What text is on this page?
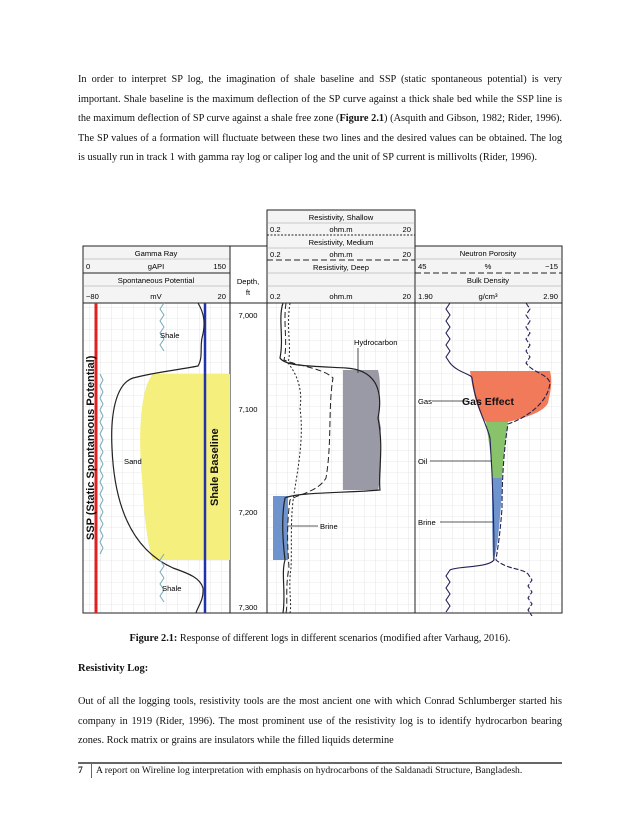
In order to interpret SP log, the imagination of shale baseline and SSP (static spontaneous potential) is very important. Shale baseline is the maximum deflection of the SP curve against a thick shale bed while the SSP line is the maximum deflection of SP curve against a shale free zone (Figure 2.1) (Asquith and Gibson, 1982; Rider, 1996). The SP values of a formation will fluctuate between these two lines and the desired values can be obtained. The log is usually run in track 1 with gamma ray log or caliper log and the unit of SP current is millivolts (Rider, 1996).

Gamma Ray
0	gAPI	150
Spontaneous Potential
−80	mV	20
Depth,
ft
Resistivity, Shallow
0.2	ohm.m	20
Resistivity, Medium
0.2	ohm.m	20
Resistivity, Deep
0.2	ohm.m	20
Neutron Porosity
45	%	−15
Bulk Density
1.90	g/cm³	2.90
7,000
7,100
7,200
7,300
Shale
Sand
Shale
SSP (Static Spontaneous Potential)	Shale Baseline
Hydrocarbon
Brine
Gas	Gas Effect
Oil
Brine

Figure 2.1: Response of different logs in different scenarios (modified after Varhaug, 2016).

Resistivity Log:

Out of all the logging tools, resistivity tools are the most ancient one with which Conrad Schlumberger started his company in 1919 (Rider, 1996). The most prominent use of the resistivity log is to identify hydrocarbon bearing zones. Rock matrix or grains are insulators while the filled liquids determine

7	A report on Wireline log interpretation with emphasis on hydrocarbons of the Saldanadi Structure, Bangladesh.
